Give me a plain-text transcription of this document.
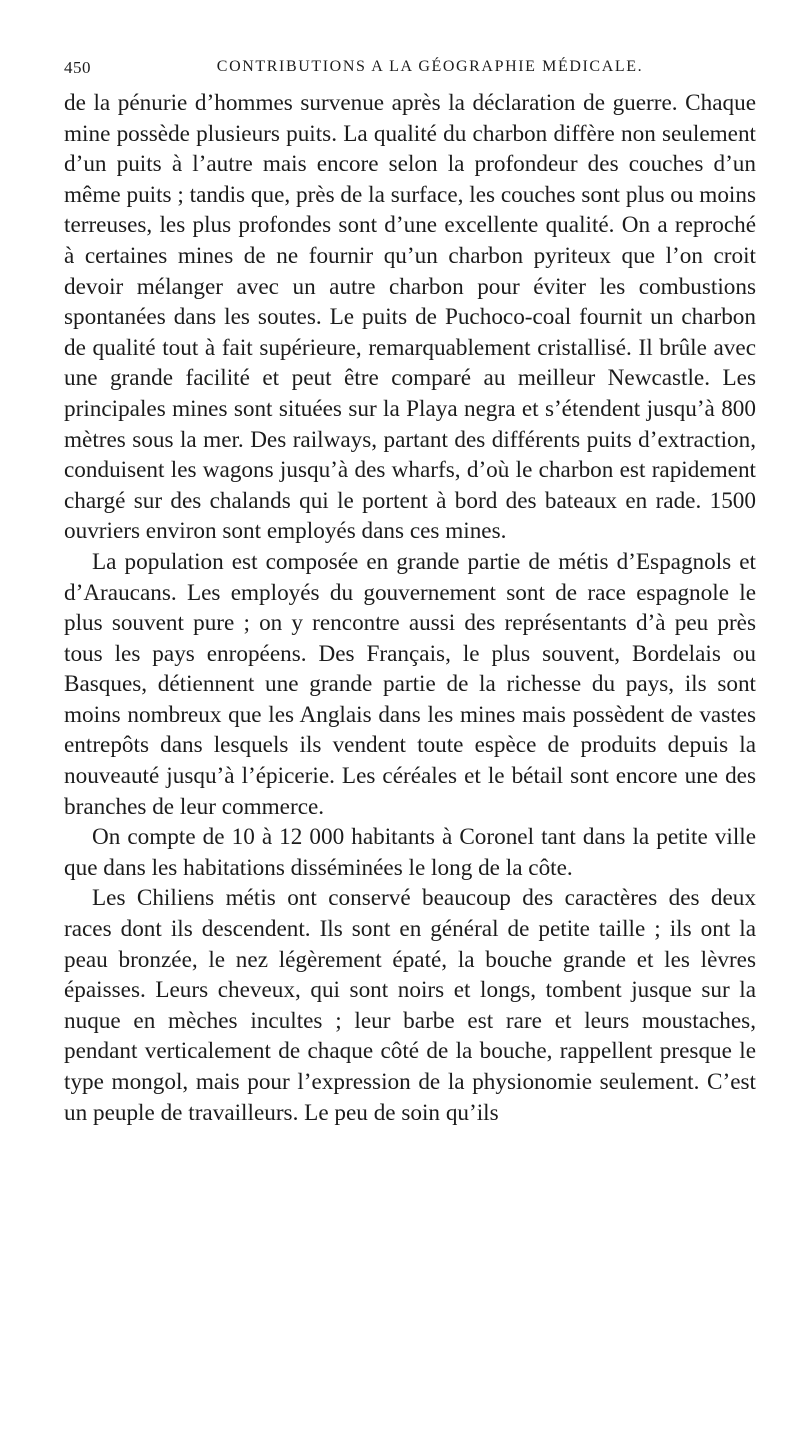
450	CONTRIBUTIONS A LA GÉOGRAPHIE MÉDICALE.

de la pénurie d’hommes survenue après la déclaration de guerre. Chaque mine possède plusieurs puits. La qualité du charbon diffère non seulement d’un puits à l’autre mais encore selon la profondeur des couches d’un même puits ; tandis que, près de la surface, les couches sont plus ou moins terreuses, les plus profondes sont d’une excellente qualité. On a reproché à certaines mines de ne fournir qu’un charbon pyriteux que l’on croit devoir mélanger avec un autre charbon pour éviter les combustions spontanées dans les soutes. Le puits de Puchoco-coal fournit un charbon de qualité tout à fait supérieure, remarquablement cristallisé. Il brûle avec une grande facilité et peut être comparé au meilleur Newcastle. Les principales mines sont situées sur la Playa negra et s’étendent jusqu’à 800 mètres sous la mer. Des railways, partant des différents puits d’extraction, conduisent les wagons jusqu’à des wharfs, d’où le charbon est rapidement chargé sur des chalands qui le portent à bord des bateaux en rade. 1500 ouvriers environ sont employés dans ces mines.

La population est composée en grande partie de métis d’Espagnols et d’Araucans. Les employés du gouvernement sont de race espagnole le plus souvent pure ; on y rencontre aussi des représentants d’à peu près tous les pays enropéens. Des Français, le plus souvent, Bordelais ou Basques, détiennent une grande partie de la richesse du pays, ils sont moins nombreux que les Anglais dans les mines mais possèdent de vastes entrepôts dans lesquels ils vendent toute espèce de produits depuis la nouveauté jusqu’à l’épicerie. Les céréales et le bétail sont encore une des branches de leur commerce.

On compte de 10 à 12 000 habitants à Coronel tant dans la petite ville que dans les habitations disséminées le long de la côte.

Les Chiliens métis ont conservé beaucoup des caractères des deux races dont ils descendent. Ils sont en général de petite taille ; ils ont la peau bronzée, le nez légèrement épaté, la bouche grande et les lèvres épaisses. Leurs cheveux, qui sont noirs et longs, tombent jusque sur la nuque en mèches incultes ; leur barbe est rare et leurs moustaches, pendant verticalement de chaque côté de la bouche, rappellent presque le type mongol, mais pour l’expression de la physionomie seulement. C’est un peuple de travailleurs. Le peu de soin qu’ils
